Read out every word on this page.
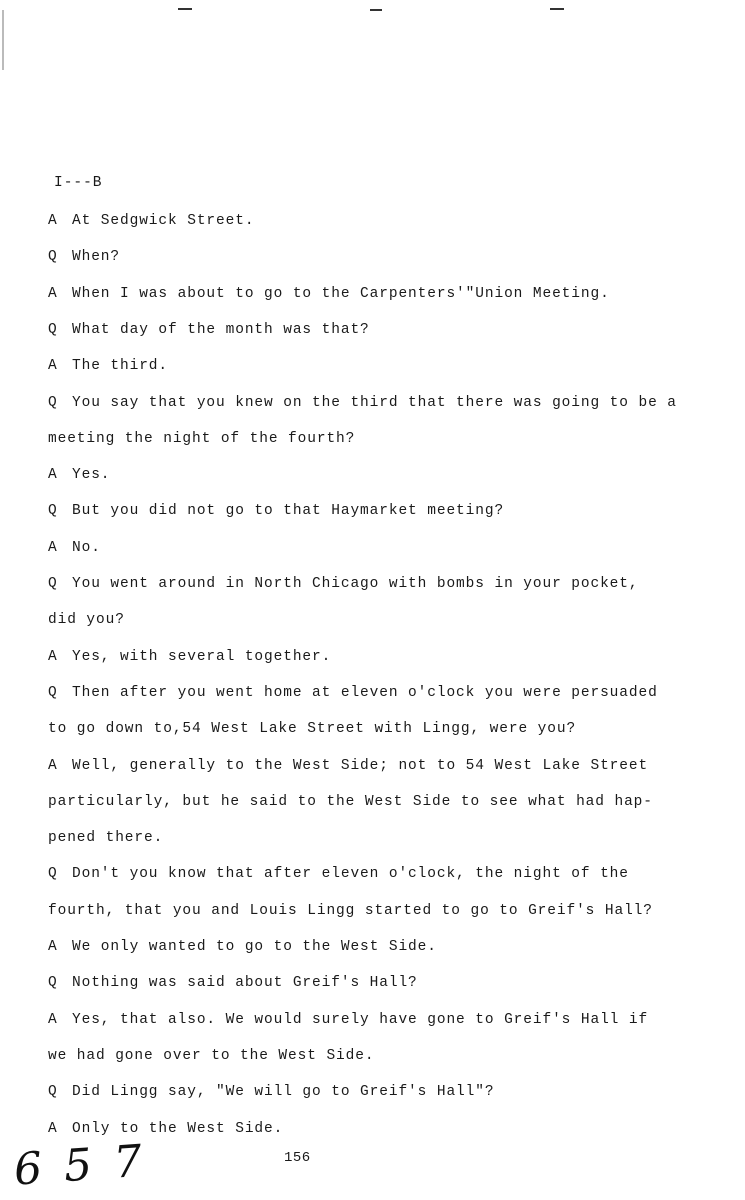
I---B
A At Sedgwick Street.
Q When?
A When I was about to go to the Carpenters'"Union Meeting.
Q What day of the month was that?
A The third.
Q You say that you knew on the third that there was going to be a
meeting the night of the fourth?
A Yes.
Q But you did not go to that Haymarket meeting?
A No.
Q You went around in North Chicago with bombs in your pocket,
did you?
A Yes, with several together.
Q Then after you went home at eleven o'clock you were persuaded
to go down to,54 West Lake Street with Lingg, were you?
A Well, generally to the West Side; not to 54 West Lake Street
particularly, but he said to the West Side to see what had hap-
pened there.
Q Don't you know that after eleven o'clock, the night of the
fourth, that you and Louis Lingg started to go to Greif's Hall?
A We only wanted to go to the West Side.
Q Nothing was said about Greif's Hall?
A Yes, that also. We would surely have gone to Greif's Hall if
we had gone over to the West Side.
Q Did Lingg say, "We will go to Greif's Hall"?
A Only to the West Side.
6 5 7	156
